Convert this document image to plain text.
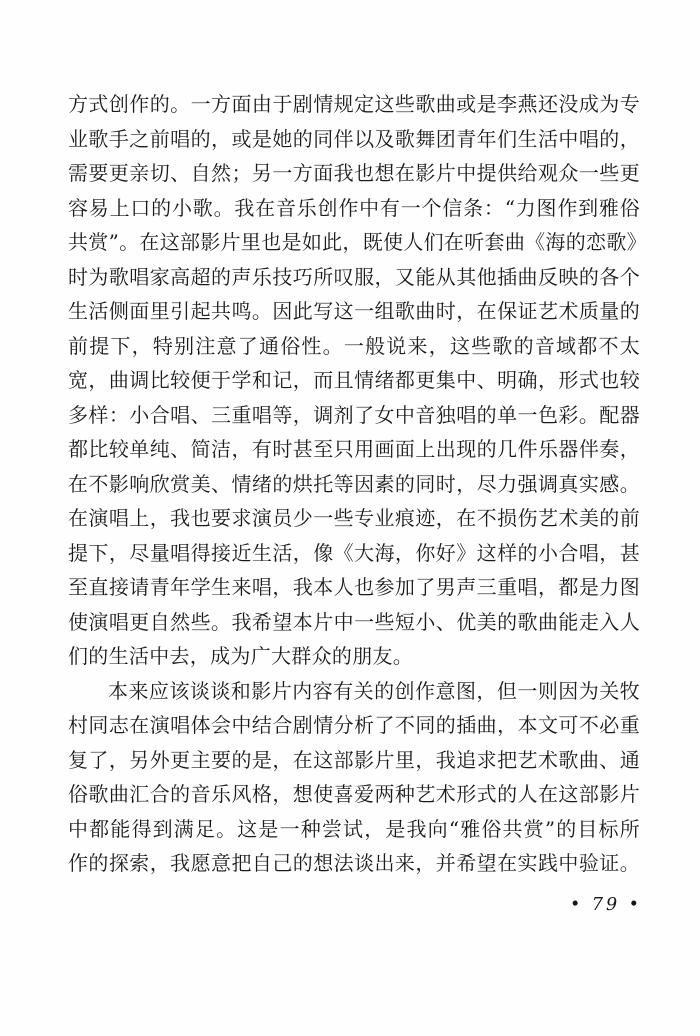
方式创作的。一方面由于剧情规定这些歌曲或是李燕还没成为专
业歌手之前唱的，或是她的同伴以及歌舞团青年们生活中唱的，
需要更亲切、自然；另一方面我也想在影片中提供给观众一些更
容易上口的小歌。我在音乐创作中有一个信条：“力图作到雅俗
共赏”。在这部影片里也是如此，既使人们在听套曲《海的恋歌》
时为歌唱家高超的声乐技巧所叹服，又能从其他插曲反映的各个
生活侧面里引起共鸣。因此写这一组歌曲时，在保证艺术质量的
前提下，特别注意了通俗性。一般说来，这些歌的音域都不太
宽，曲调比较便于学和记，而且情绪都更集中、明确，形式也较
多样：小合唱、三重唱等，调剂了女中音独唱的单一色彩。配器
都比较单纯、简洁，有时甚至只用画面上出现的几件乐器伴奏，
在不影响欣赏美、情绪的烘托等因素的同时，尽力强调真实感。
在演唱上，我也要求演员少一些专业痕迹，在不损伤艺术美的前
提下，尽量唱得接近生活，像《大海，你好》这样的小合唱，甚
至直接请青年学生来唱，我本人也参加了男声三重唱，都是力图
使演唱更自然些。我希望本片中一些短小、优美的歌曲能走入人
们的生活中去，成为广大群众的朋友。
本来应该谈谈和影片内容有关的创作意图，但一则因为关牧
村同志在演唱体会中结合剧情分析了不同的插曲，本文可不必重
复了，另外更主要的是，在这部影片里，我追求把艺术歌曲、通
俗歌曲汇合的音乐风格，想使喜爱两种艺术形式的人在这部影片
中都能得到满足。这是一种尝试，是我向“雅俗共赏”的目标所
作的探索，我愿意把自己的想法谈出来，并希望在实践中验证。
• 79 •
